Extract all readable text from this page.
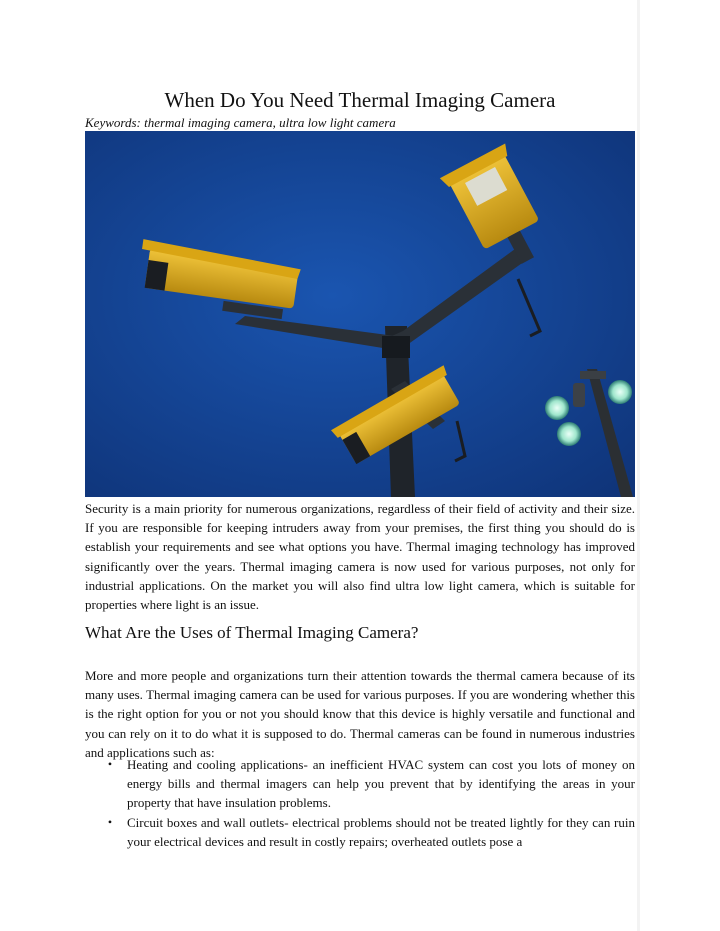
When Do You Need Thermal Imaging Camera

Keywords: thermal imaging camera, ultra low light camera

Security is a main priority for numerous organizations, regardless of their field of activity and their size. If you are responsible for keeping intruders away from your premises, the first thing you should do is establish your requirements and see what options you have. Thermal imaging technology has improved significantly over the years. Thermal imaging camera is now used for various purposes, not only for industrial applications. On the market you will also find ultra low light camera, which is suitable for properties where light is an issue.

What Are the Uses of Thermal Imaging Camera?

More and more people and organizations turn their attention towards the thermal camera because of its many uses. Thermal imaging camera can be used for various purposes. If you are wondering whether this is the right option for you or not you should know that this device is highly versatile and functional and you can rely on it to do what it is supposed to do. Thermal cameras can be found in numerous industries and applications such as:

•	Heating and cooling applications- an inefficient HVAC system can cost you lots of money on energy bills and thermal imagers can help you prevent that by identifying the areas in your property that have insulation problems.
•	Circuit boxes and wall outlets- electrical problems should not be treated lightly for they can ruin your electrical devices and result in costly repairs; overheated outlets pose a
